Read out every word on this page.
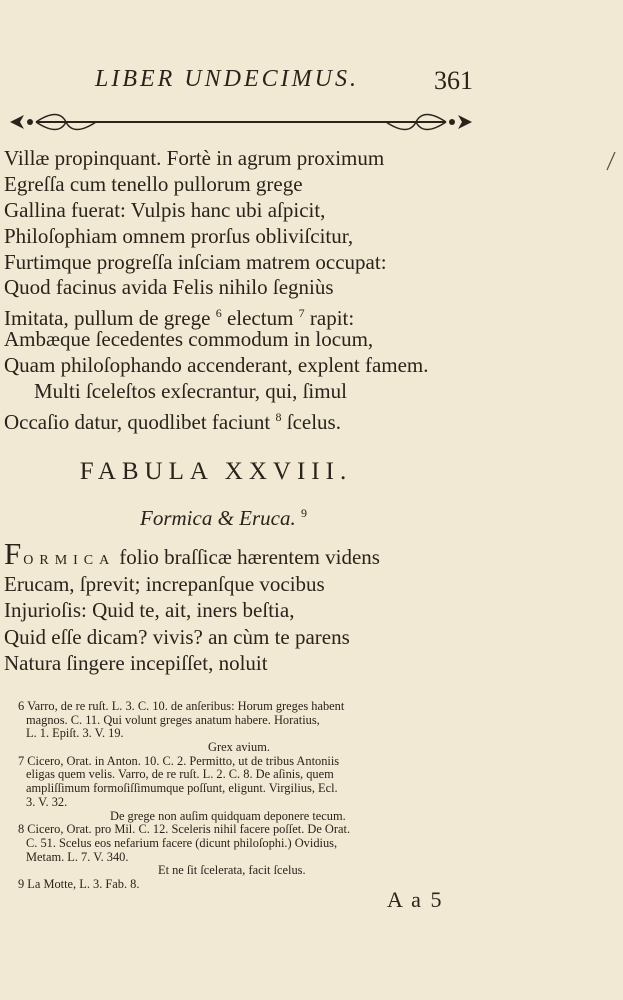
LIBER UNDECIMUS.	361
Villæ propinquant. Fortè in agrum proximum
Egreſſa cum tenello pullorum grege
Gallina fuerat: Vulpis hanc ubi aſpicit,
Philoſophiam omnem prorſus obliviſcitur,
Furtimque progreſſa inſciam matrem occupat:
Quod facinus avida Felis nihilo ſegniùs
Imitata, pullum de grege $^6$ electum $^7$ rapit:
Ambæque ſecedentes commodum in locum,
Quam philoſophando accenderant, explent famem.
Multi ſceleſtos exſecrantur, qui, ſimul
Occaſio datur, quodlibet faciunt $^8$ ſcelus.
FABULA XXVIII.
Formica & Eruca. $^9$
FORMICA folio braſſicæ hærentem videns
Erucam, ſprevit; increpanſque vocibus
Injurioſis: Quid te, ait, iners beſtia,
Quid eſſe dicam? vivis? an cùm te parens
Natura ſingere incepiſſet, noluit
6 Varro, de re ruſt. L. 3. C. 10. de anſeribus: Horum greges habent
magnos. C. 11. Qui volunt greges anatum habere. Horatius,
L. 1. Epiſt. 3. V. 19.
Grex avium.
7 Cicero, Orat. in Anton. 10. C. 2. Permitto, ut de tribus Antoniis
eligas quem velis. Varro, de re ruſt. L. 2. C. 8. De aſinis, quem
ampliſſimum formoſiſſimumque poſſunt, eligunt. Virgilius, Ecl.
3. V. 32.
De grege non auſim quidquam deponere tecum.
8 Cicero, Orat. pro Mil. C. 12. Sceleris nihil facere poſſet. De Orat.
C. 51. Scelus eos nefarium facere (dicunt philoſophi.) Ovidius,
Metam. L. 7. V. 340.
Et ne ſit ſcelerata, facit ſcelus.
9 La Motte, L. 3. Fab. 8.
A a 5
